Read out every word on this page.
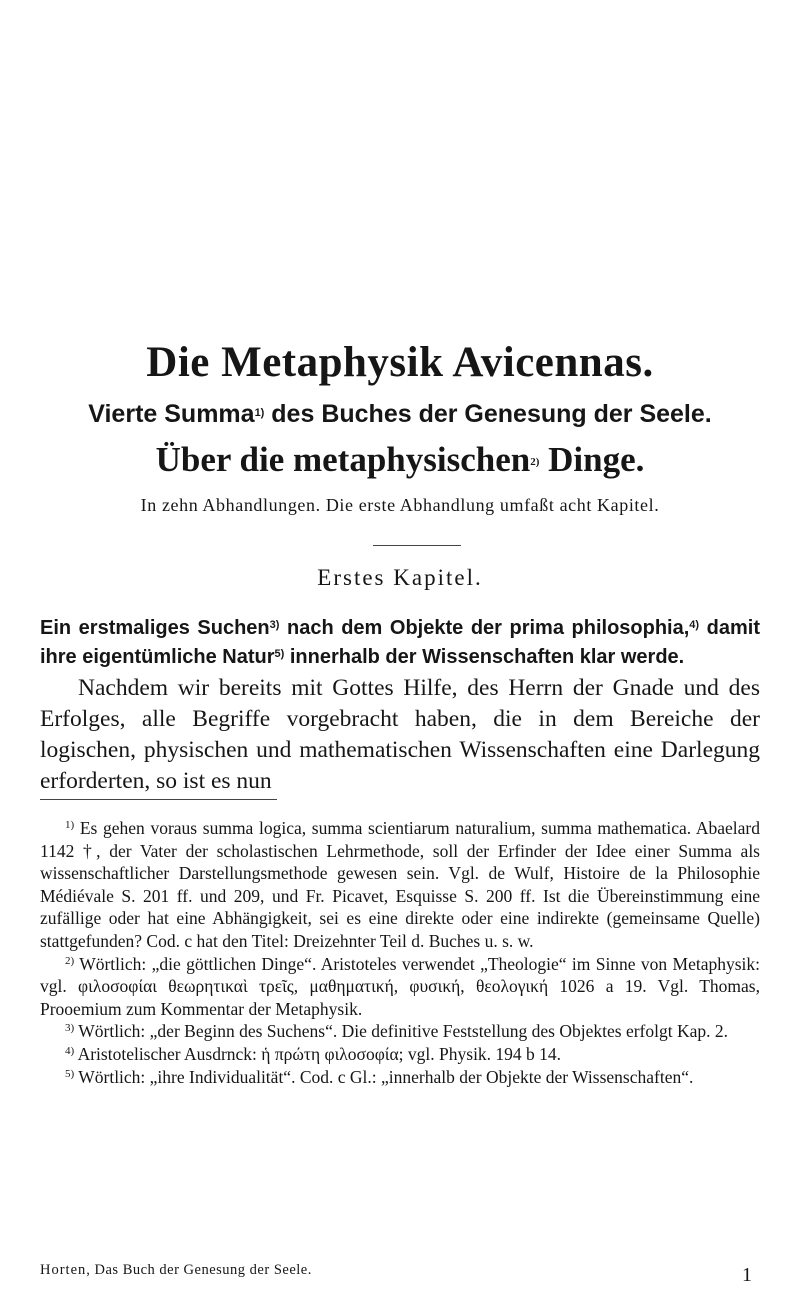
Die Metaphysik Avicennas.
Vierte Summa$^{1)}$ des Buches der Genesung der Seele.
Über die metaphysischen$^{2)}$ Dinge.
In zehn Abhandlungen. Die erste Abhandlung umfaßt acht Kapitel.
Erstes Kapitel.

Ein erstmaliges Suchen$^{3)}$ nach dem Objekte der prima philosophia,$^{4)}$ damit ihre eigentümliche Natur$^{5)}$ innerhalb der Wissenschaften klar werde.

Nachdem wir bereits mit Gottes Hilfe, des Herrn der Gnade und des Erfolges, alle Begriffe vorgebracht haben, die in dem Bereiche der logischen, physischen und mathematischen Wissenschaften eine Darlegung erforderten, so ist es nun

$^{1)}$ Es gehen voraus summa logica, summa scientiarum naturalium, summa mathematica. Abaelard 1142 †, der Vater der scholastischen Lehrmethode, soll der Erfinder der Idee einer Summa als wissenschaftlicher Darstellungsmethode gewesen sein. Vgl. de Wulf, Histoire de la Philosophie Médiévale S. 201 ff. und 209, und Fr. Picavet, Esquisse S. 200 ff. Ist die Übereinstimmung eine zufällige oder hat eine Abhängigkeit, sei es eine direkte oder eine indirekte (gemeinsame Quelle) stattgefunden? Cod. c hat den Titel: Dreizehnter Teil d. Buches u. s. w.

$^{2)}$ Wörtlich: „die göttlichen Dinge“. Aristoteles verwendet „Theologie“ im Sinne von Metaphysik: vgl. φιλοσοφίαι θεωρητικαὶ τρεῖς, μαθηματική, φυσική, θεολογική 1026 a 19. Vgl. Thomas, Prooemium zum Kommentar der Metaphysik.

$^{3)}$ Wörtlich: „der Beginn des Suchens“. Die definitive Feststellung des Objektes erfolgt Kap. 2.

$^{4)}$ Aristotelischer Ausdrnck: ἡ πρώτη φιλοσοφία; vgl. Physik. 194 b 14.

$^{5)}$ Wörtlich: „ihre Individualität“. Cod. c Gl.: „innerhalb der Objekte der Wissenschaften“.

Horten, Das Buch der Genesung der Seele.	1
